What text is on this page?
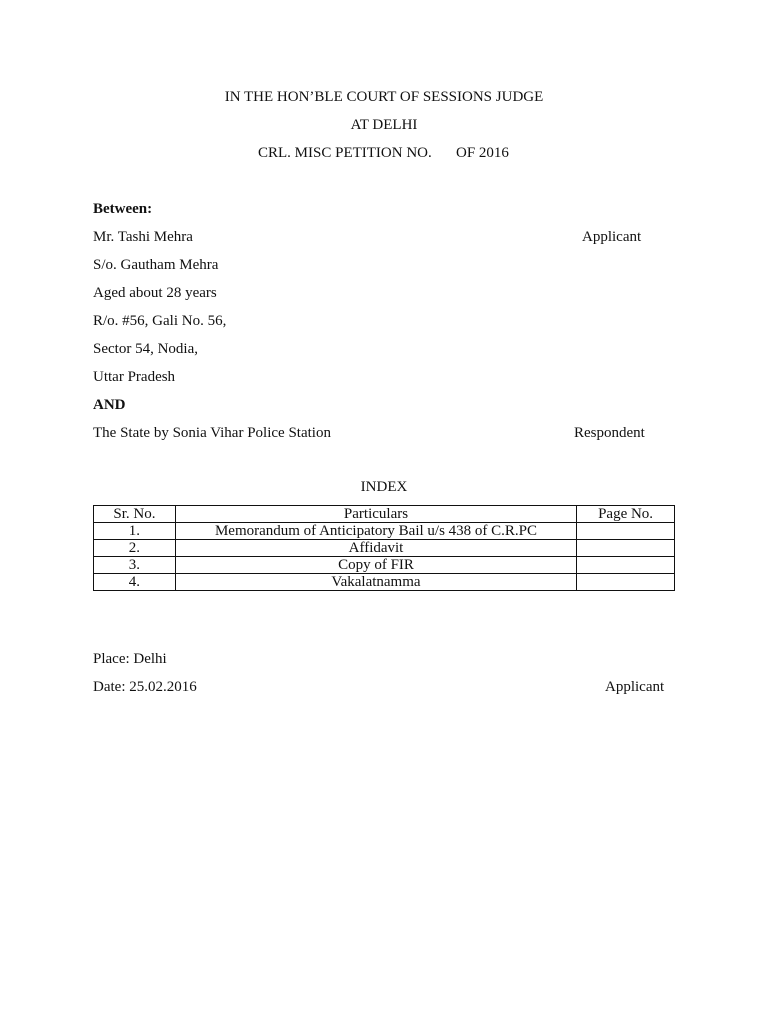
IN THE HON’BLE COURT OF SESSIONS JUDGE
AT DELHI
CRL. MISC PETITION NO. OF 2016
Between:
Mr. Tashi Mehra	Applicant
S/o. Gautham Mehra
Aged about 28 years
R/o. #56, Gali No. 56,
Sector 54, Nodia,
Uttar Pradesh
AND
The State by Sonia Vihar Police Station	Respondent
INDEX
Sr. No.	Particulars	Page No.
1.	Memorandum of Anticipatory Bail u/s 438 of C.R.PC	
2.	Affidavit	
3.	Copy of FIR	
4.	Vakalatnamma	
Place: Delhi
Date: 25.02.2016	Applicant
